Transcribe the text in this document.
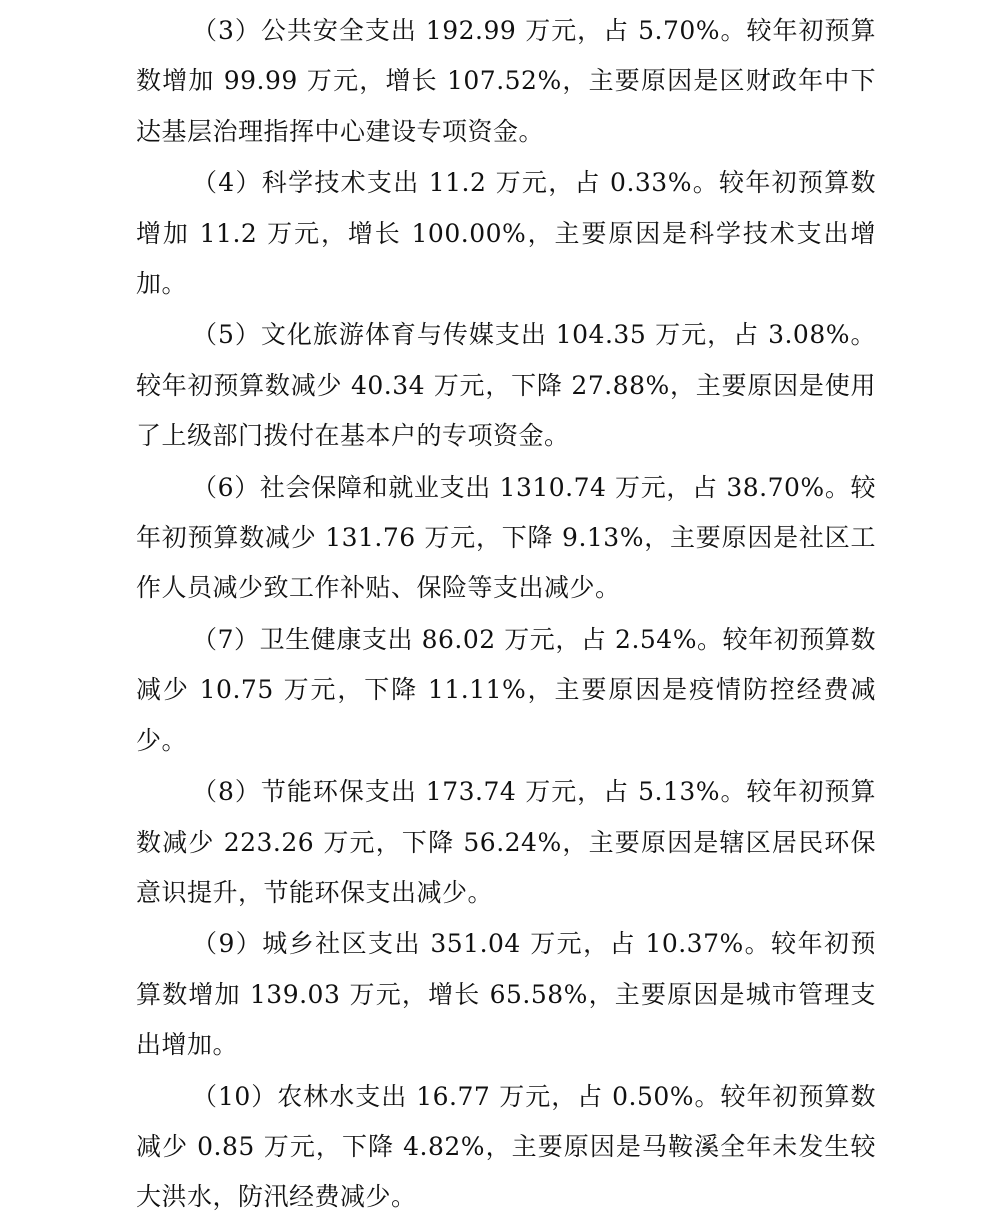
（3）公共安全支出 192.99 万元，占 5.70%。较年初预算数增加 99.99 万元，增长 107.52%，主要原因是区财政年中下达基层治理指挥中心建设专项资金。

（4）科学技术支出 11.2 万元，占 0.33%。较年初预算数增加 11.2 万元，增长 100.00%，主要原因是科学技术支出增加。

（5）文化旅游体育与传媒支出 104.35 万元，占 3.08%。较年初预算数减少 40.34 万元，下降 27.88%，主要原因是使用了上级部门拨付在基本户的专项资金。

（6）社会保障和就业支出 1310.74 万元，占 38.70%。较年初预算数减少 131.76 万元，下降 9.13%，主要原因是社区工作人员减少致工作补贴、保险等支出减少。

（7）卫生健康支出 86.02 万元，占 2.54%。较年初预算数减少 10.75 万元，下降 11.11%，主要原因是疫情防控经费减少。

（8）节能环保支出 173.74 万元，占 5.13%。较年初预算数减少 223.26 万元，下降 56.24%，主要原因是辖区居民环保意识提升，节能环保支出减少。

（9）城乡社区支出 351.04 万元，占 10.37%。较年初预算数增加 139.03 万元，增长 65.58%，主要原因是城市管理支出增加。

（10）农林水支出 16.77 万元，占 0.50%。较年初预算数减少 0.85 万元，下降 4.82%，主要原因是马鞍溪全年未发生较大洪水，防汛经费减少。
